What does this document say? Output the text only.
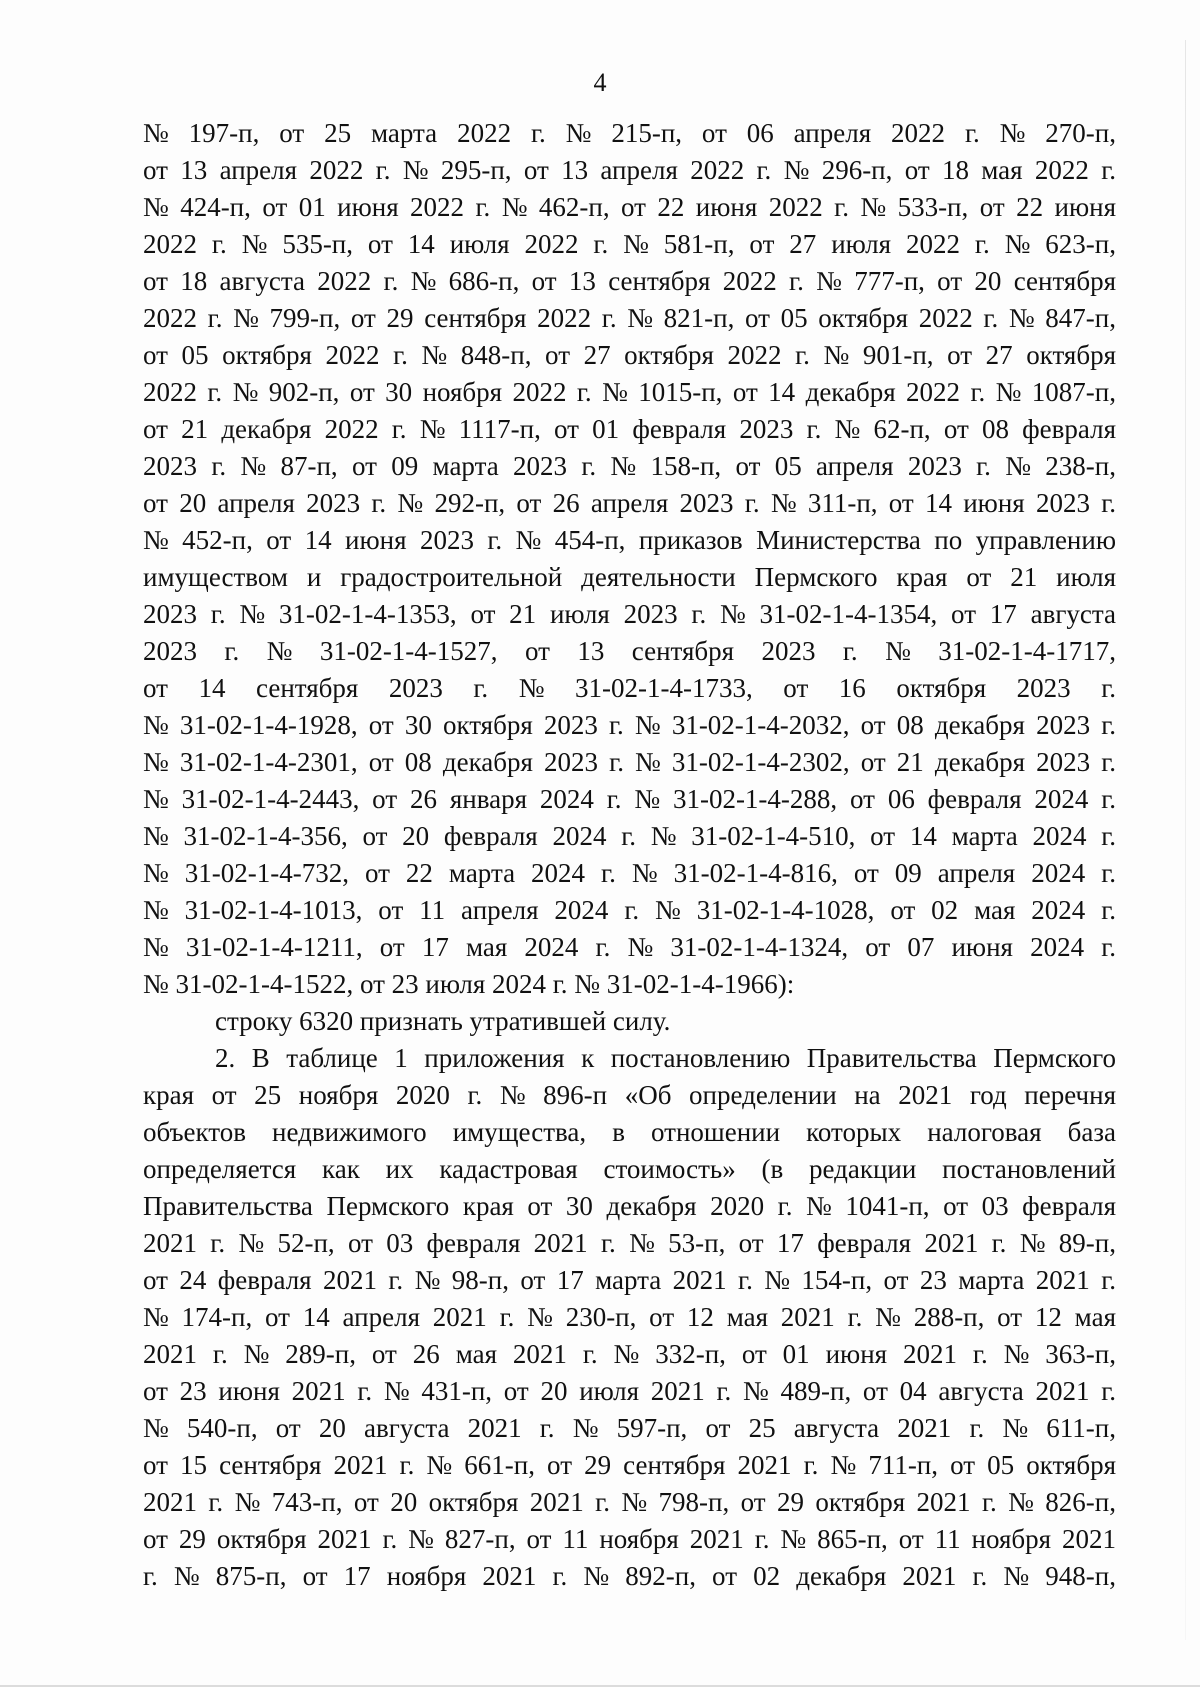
4
№ 197-п, от 25 марта 2022 г. № 215-п, от 06 апреля 2022 г. № 270-п,
от 13 апреля 2022 г. № 295-п, от 13 апреля 2022 г. № 296-п, от 18 мая 2022 г.
№ 424-п, от 01 июня 2022 г. № 462-п, от 22 июня 2022 г. № 533-п, от 22 июня
2022 г. № 535-п, от 14 июля 2022 г. № 581-п, от 27 июля 2022 г. № 623-п,
от 18 августа 2022 г. № 686-п, от 13 сентября 2022 г. № 777-п, от 20 сентября
2022 г. № 799-п, от 29 сентября 2022 г. № 821-п, от 05 октября 2022 г. № 847-п,
от 05 октября 2022 г. № 848-п, от 27 октября 2022 г. № 901-п, от 27 октября
2022 г. № 902-п, от 30 ноября 2022 г. № 1015-п, от 14 декабря 2022 г. № 1087-п,
от 21 декабря 2022 г. № 1117-п, от 01 февраля 2023 г. № 62-п, от 08 февраля
2023 г. № 87-п, от 09 марта 2023 г. № 158-п, от 05 апреля 2023 г. № 238-п,
от 20 апреля 2023 г. № 292-п, от 26 апреля 2023 г. № 311-п, от 14 июня 2023 г.
№ 452-п, от 14 июня 2023 г. № 454-п, приказов Министерства по управлению
имуществом и градостроительной деятельности Пермского края от 21 июля
2023 г. № 31-02-1-4-1353, от 21 июля 2023 г. № 31-02-1-4-1354, от 17 августа
2023 г. № 31-02-1-4-1527, от 13 сентября 2023 г. № 31-02-1-4-1717,
от 14 сентября 2023 г. № 31-02-1-4-1733, от 16 октября 2023 г.
№ 31-02-1-4-1928, от 30 октября 2023 г. № 31-02-1-4-2032, от 08 декабря 2023 г.
№ 31-02-1-4-2301, от 08 декабря 2023 г. № 31-02-1-4-2302, от 21 декабря 2023 г.
№ 31-02-1-4-2443, от 26 января 2024 г. № 31-02-1-4-288, от 06 февраля 2024 г.
№ 31-02-1-4-356, от 20 февраля 2024 г. № 31-02-1-4-510, от 14 марта 2024 г.
№ 31-02-1-4-732, от 22 марта 2024 г. № 31-02-1-4-816, от 09 апреля 2024 г.
№ 31-02-1-4-1013, от 11 апреля 2024 г. № 31-02-1-4-1028, от 02 мая 2024 г.
№ 31-02-1-4-1211, от 17 мая 2024 г. № 31-02-1-4-1324, от 07 июня 2024 г.
№ 31-02-1-4-1522, от 23 июля 2024 г. № 31-02-1-4-1966):
строку 6320 признать утратившей силу.
2. В таблице 1 приложения к постановлению Правительства Пермского
края от 25 ноября 2020 г. № 896-п «Об определении на 2021 год перечня
объектов недвижимого имущества, в отношении которых налоговая база
определяется как их кадастровая стоимость» (в редакции постановлений
Правительства Пермского края от 30 декабря 2020 г. № 1041-п, от 03 февраля
2021 г. № 52-п, от 03 февраля 2021 г. № 53-п, от 17 февраля 2021 г. № 89-п,
от 24 февраля 2021 г. № 98-п, от 17 марта 2021 г. № 154-п, от 23 марта 2021 г.
№ 174-п, от 14 апреля 2021 г. № 230-п, от 12 мая 2021 г. № 288-п, от 12 мая
2021 г. № 289-п, от 26 мая 2021 г. № 332-п, от 01 июня 2021 г. № 363-п,
от 23 июня 2021 г. № 431-п, от 20 июля 2021 г. № 489-п, от 04 августа 2021 г.
№ 540-п, от 20 августа 2021 г. № 597-п, от 25 августа 2021 г. № 611-п,
от 15 сентября 2021 г. № 661-п, от 29 сентября 2021 г. № 711-п, от 05 октября
2021 г. № 743-п, от 20 октября 2021 г. № 798-п, от 29 октября 2021 г. № 826-п,
от 29 октября 2021 г. № 827-п, от 11 ноября 2021 г. № 865-п, от 11 ноября 2021
г. № 875-п, от 17 ноября 2021 г. № 892-п, от 02 декабря 2021 г. № 948-п,
